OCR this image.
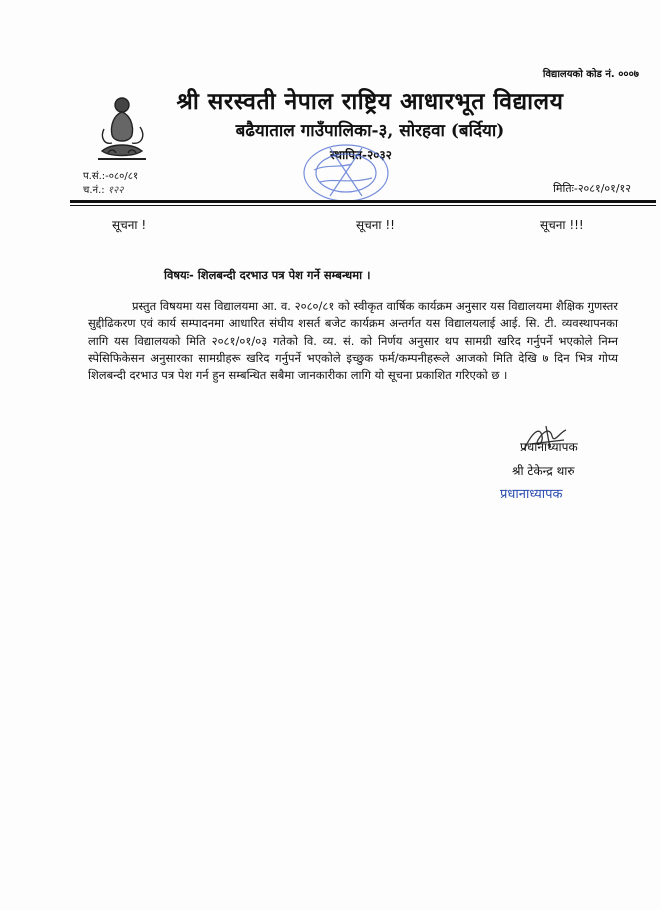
विद्यालयको कोड नं. ०००७
श्री सरस्वती नेपाल राष्ट्रिय आधारभूत विद्यालय
बढैयाताल गाउँपालिका-३, सोरहवा (बर्दिया)
स्थापित-२०३२
प.सं.:-०८०/८१
च.नं.: १२२	मितिः-२०८१/०१/१२
सूचना !	सूचना !!	सूचना !!!
विषयः- शिलबन्दी दरभाउ पत्र पेश गर्ने सम्बन्धमा ।
प्रस्तुत विषयमा यस विद्यालयमा आ. व. २०८०/८१ को स्वीकृत वार्षिक कार्यक्रम अनुसार यस विद्यालयमा शैक्षिक गुणस्तर सुद्दीढिकरण एवं कार्य सम्पादनमा आधारित संघीय शसर्त बजेट कार्यक्रम अन्तर्गत यस विद्यालयलाई आई. सि. टी. व्यवस्थापनका लागि यस विद्यालयको मिति २०८१/०१/०३ गतेको वि. व्य. सं. को निर्णय अनुसार थप सामग्री खरिद गर्नुपर्ने भएकोले निम्न स्पेसिफिकेसन अनुसारका सामग्रीहरू खरिद गर्नुपर्ने भएकोले इच्छुक फर्म/कम्पनीहरूले आजको मिति देखि ७ दिन भित्र गोप्य शिलबन्दी दरभाउ पत्र पेश गर्न हुन सम्बन्धित सबैमा जानकारीका लागि यो सूचना प्रकाशित गरिएको छ ।
प्रधानाध्यापक
श्री टेकेन्द्र थारु
प्रधानाध्यापक
